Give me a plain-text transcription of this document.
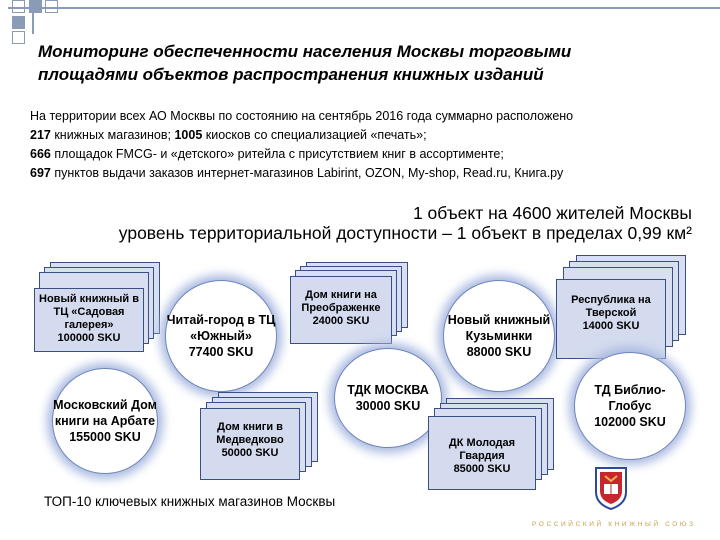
Мониторинг обеспеченности населения Москвы торговыми
площадями объектов распространения книжных изданий
На территории всех АО Москвы по состоянию на сентябрь 2016 года суммарно расположено
217 книжных магазинов; 1005 киосков со специализацией «печать»;
666 площадок FMCG- и «детского» ритейла с присутствием книг в ассортименте;
697 пунктов выдачи заказов интернет-магазинов Labirint, OZON, My-shop, Read.ru, Книга.ру
1 объект на 4600 жителей Москвы
уровень территориальной доступности – 1 объект в пределах 0,99 км²
Новый книжный в ТЦ «Садовая галерея»
100000 SKU
Московский Дом книги на Арбате
155000 SKU
Читай-город в ТЦ «Южный»
77400 SKU
Дом книги в Медведково
50000 SKU
Дом книги на Преображенке
24000 SKU
ТДК МОСКВА
30000 SKU
Новый книжный Кузьминки
88000 SKU
ДК Молодая Гвардия
85000 SKU
Республика на Тверской
14000 SKU
ТД Библио-Глобус
102000 SKU
ТОП-10 ключевых книжных магазинов Москвы
РОССИЙСКИЙ КНИЖНЫЙ СОЮЗ
